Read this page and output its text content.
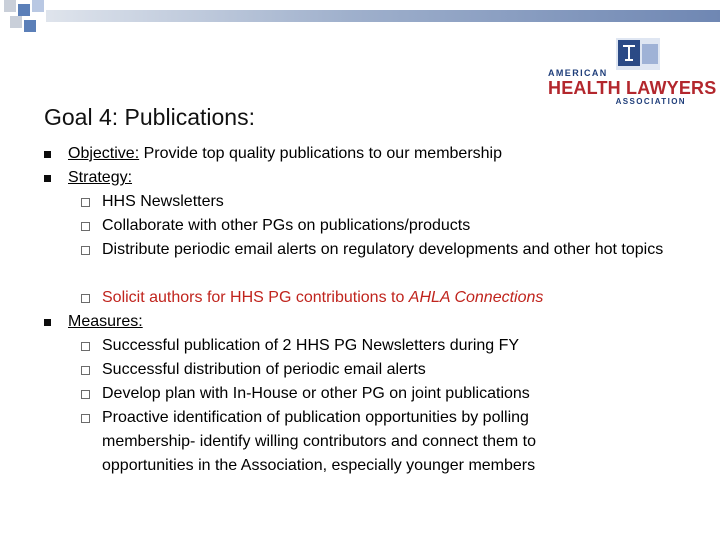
AMERICAN
HEALTH LAWYERS
ASSOCIATION
Goal 4: Publications:
Objective: Provide top quality publications to our membership
Strategy:
HHS Newsletters
Collaborate with other PGs on publications/products
Distribute periodic email alerts on regulatory developments and other hot topics
Solicit authors for HHS PG contributions to AHLA Connections
Measures:
Successful publication of 2 HHS PG Newsletters during FY
Successful distribution of periodic email alerts
Develop plan with In-House or other PG on joint publications
Proactive identification of publication opportunities by polling membership- identify willing contributors and connect them to opportunities in the Association, especially younger members
